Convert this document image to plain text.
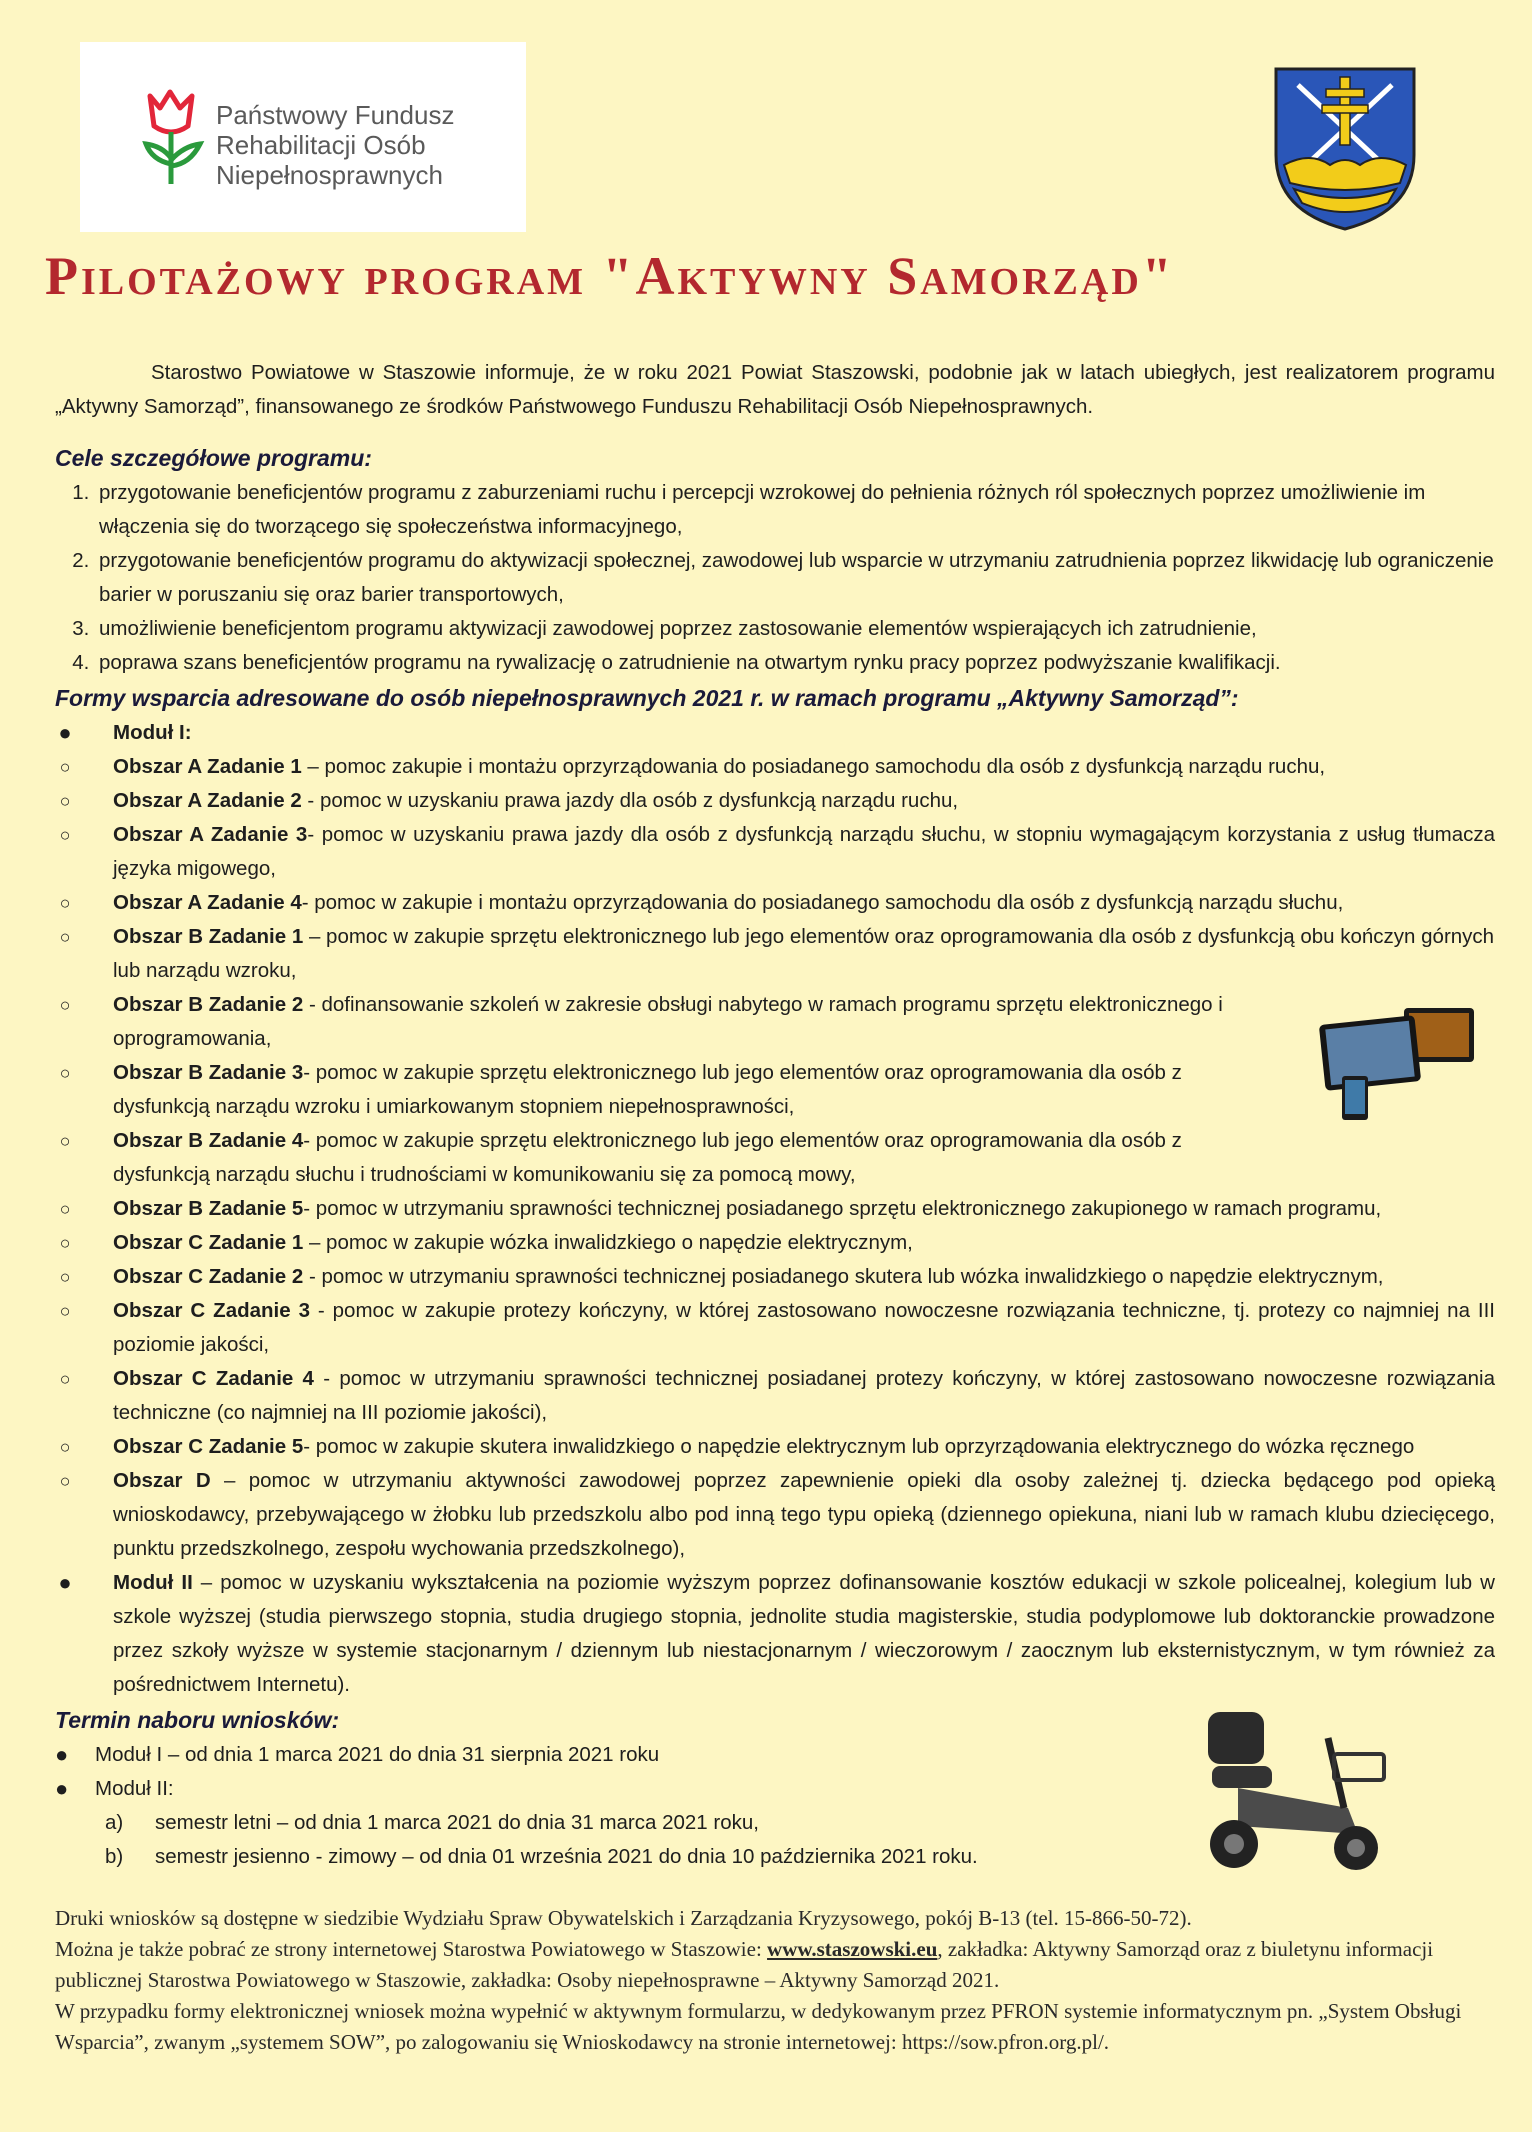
Państwowy Fundusz
Rehabilitacji Osób
Niepełnosprawnych
Pilotażowy program "Aktywny Samorząd"

Starostwo Powiatowe w Staszowie informuje, że w roku 2021 Powiat Staszowski, podobnie jak w latach ubiegłych, jest realizatorem programu „Aktywny Samorząd”, finansowanego ze środków Państwowego Funduszu Rehabilitacji Osób Niepełnosprawnych.

Cele szczegółowe programu:

1. przygotowanie beneficjentów programu z zaburzeniami ruchu i percepcji wzrokowej do pełnienia różnych ról społecznych poprzez umożliwienie im włączenia się do tworzącego się społeczeństwa informacyjnego,
2. przygotowanie beneficjentów programu do aktywizacji społecznej, zawodowej lub wsparcie w utrzymaniu zatrudnienia poprzez likwidację lub ograniczenie barier w poruszaniu się oraz barier transportowych,
3. umożliwienie beneficjentom programu aktywizacji zawodowej poprzez zastosowanie elementów wspierających ich zatrudnienie,
4. poprawa szans beneficjentów programu na rywalizację o zatrudnienie na otwartym rynku pracy poprzez podwyższanie kwalifikacji.

Formy wsparcia adresowane do osób niepełnosprawnych 2021 r. w ramach programu „Aktywny Samorząd”:

● Moduł I:
○ Obszar A Zadanie 1 – pomoc zakupie i montażu oprzyrządowania do posiadanego samochodu dla osób z dysfunkcją narządu ruchu,
○ Obszar A Zadanie 2 - pomoc w uzyskaniu prawa jazdy dla osób z dysfunkcją narządu ruchu,
○ Obszar A Zadanie 3- pomoc w uzyskaniu prawa jazdy dla osób z dysfunkcją narządu słuchu, w stopniu wymagającym korzystania z usług tłumacza języka migowego,
○ Obszar A Zadanie 4- pomoc w zakupie i montażu oprzyrządowania do posiadanego samochodu dla osób z dysfunkcją narządu słuchu,
○ Obszar B Zadanie 1 – pomoc w zakupie sprzętu elektronicznego lub jego elementów oraz oprogramowania dla osób z dysfunkcją obu kończyn górnych lub narządu wzroku,
○ Obszar B Zadanie 2 - dofinansowanie szkoleń w zakresie obsługi nabytego w ramach programu sprzętu elektronicznego i oprogramowania,
○ Obszar B Zadanie 3- pomoc w zakupie sprzętu elektronicznego lub jego elementów oraz oprogramowania dla osób z dysfunkcją narządu wzroku i umiarkowanym stopniem niepełnosprawności,
○ Obszar B Zadanie 4- pomoc w zakupie sprzętu elektronicznego lub jego elementów oraz oprogramowania dla osób z dysfunkcją narządu słuchu i trudnościami w komunikowaniu się za pomocą mowy,
○ Obszar B Zadanie 5- pomoc w utrzymaniu sprawności technicznej posiadanego sprzętu elektronicznego zakupionego w ramach programu,
○ Obszar C Zadanie 1 – pomoc w zakupie wózka inwalidzkiego o napędzie elektrycznym,
○ Obszar C Zadanie 2 - pomoc w utrzymaniu sprawności technicznej posiadanego skutera lub wózka inwalidzkiego o napędzie elektrycznym,
○ Obszar C Zadanie 3 - pomoc w zakupie protezy kończyny, w której zastosowano nowoczesne rozwiązania techniczne, tj. protezy co najmniej na III poziomie jakości,
○ Obszar C Zadanie 4 - pomoc w utrzymaniu sprawności technicznej posiadanej protezy kończyny, w której zastosowano nowoczesne rozwiązania techniczne (co najmniej na III poziomie jakości),
○ Obszar C Zadanie 5- pomoc w zakupie skutera inwalidzkiego o napędzie elektrycznym lub oprzyrządowania elektrycznego do wózka ręcznego
○ Obszar D – pomoc w utrzymaniu aktywności zawodowej poprzez zapewnienie opieki dla osoby zależnej tj. dziecka będącego pod opieką wnioskodawcy, przebywającego w żłobku lub przedszkolu albo pod inną tego typu opieką (dziennego opiekuna, niani lub w ramach klubu dziecięcego, punktu przedszkolnego, zespołu wychowania przedszkolnego),
● Moduł II – pomoc w uzyskaniu wykształcenia na poziomie wyższym poprzez dofinansowanie kosztów edukacji w szkole policealnej, kolegium lub w szkole wyższej (studia pierwszego stopnia, studia drugiego stopnia, jednolite studia magisterskie, studia podyplomowe lub doktoranckie prowadzone przez szkoły wyższe w systemie stacjonarnym / dziennym lub niestacjonarnym / wieczorowym / zaocznym lub eksternistycznym, w tym również za pośrednictwem Internetu).

Termin naboru wniosków:

● Moduł I – od dnia 1 marca 2021 do dnia 31 sierpnia 2021 roku
● Moduł II:
a) semestr letni – od dnia 1 marca 2021 do dnia 31 marca 2021 roku,
b) semestr jesienno - zimowy – od dnia 01 września 2021 do dnia 10 października 2021 roku.
Druki wniosków są dostępne w siedzibie Wydziału Spraw Obywatelskich i Zarządzania Kryzysowego, pokój B-13 (tel. 15-866-50-72).
Można je także pobrać ze strony internetowej Starostwa Powiatowego w Staszowie: www.staszowski.eu, zakładka: Aktywny Samorząd oraz z biuletynu informacji publicznej Starostwa Powiatowego w Staszowie, zakładka: Osoby niepełnosprawne – Aktywny Samorząd 2021.
W przypadku formy elektronicznej wniosek można wypełnić w aktywnym formularzu, w dedykowanym przez PFRON systemie informatycznym pn. „System Obsługi Wsparcia”, zwanym „systemem SOW”, po zalogowaniu się Wnioskodawcy na stronie internetowej: https://sow.pfron.org.pl/.
